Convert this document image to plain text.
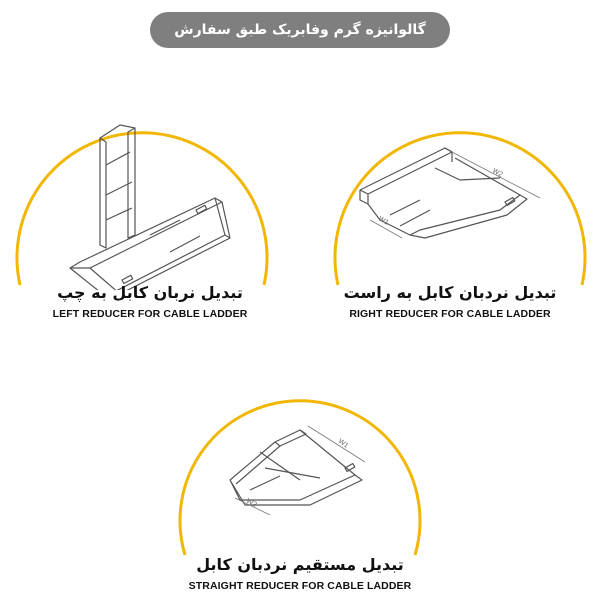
گالوانیزه گرم وفابریک طبق سفارش
تبدیل نربان کابل به چپ
LEFT REDUCER FOR CABLE LADDER
W2
W1
تبدیل نردبان کابل به راست
RIGHT REDUCER FOR CABLE LADDER
W1
W2
تبدیل مستقیم نردبان کابل
STRAIGHT REDUCER FOR CABLE LADDER
